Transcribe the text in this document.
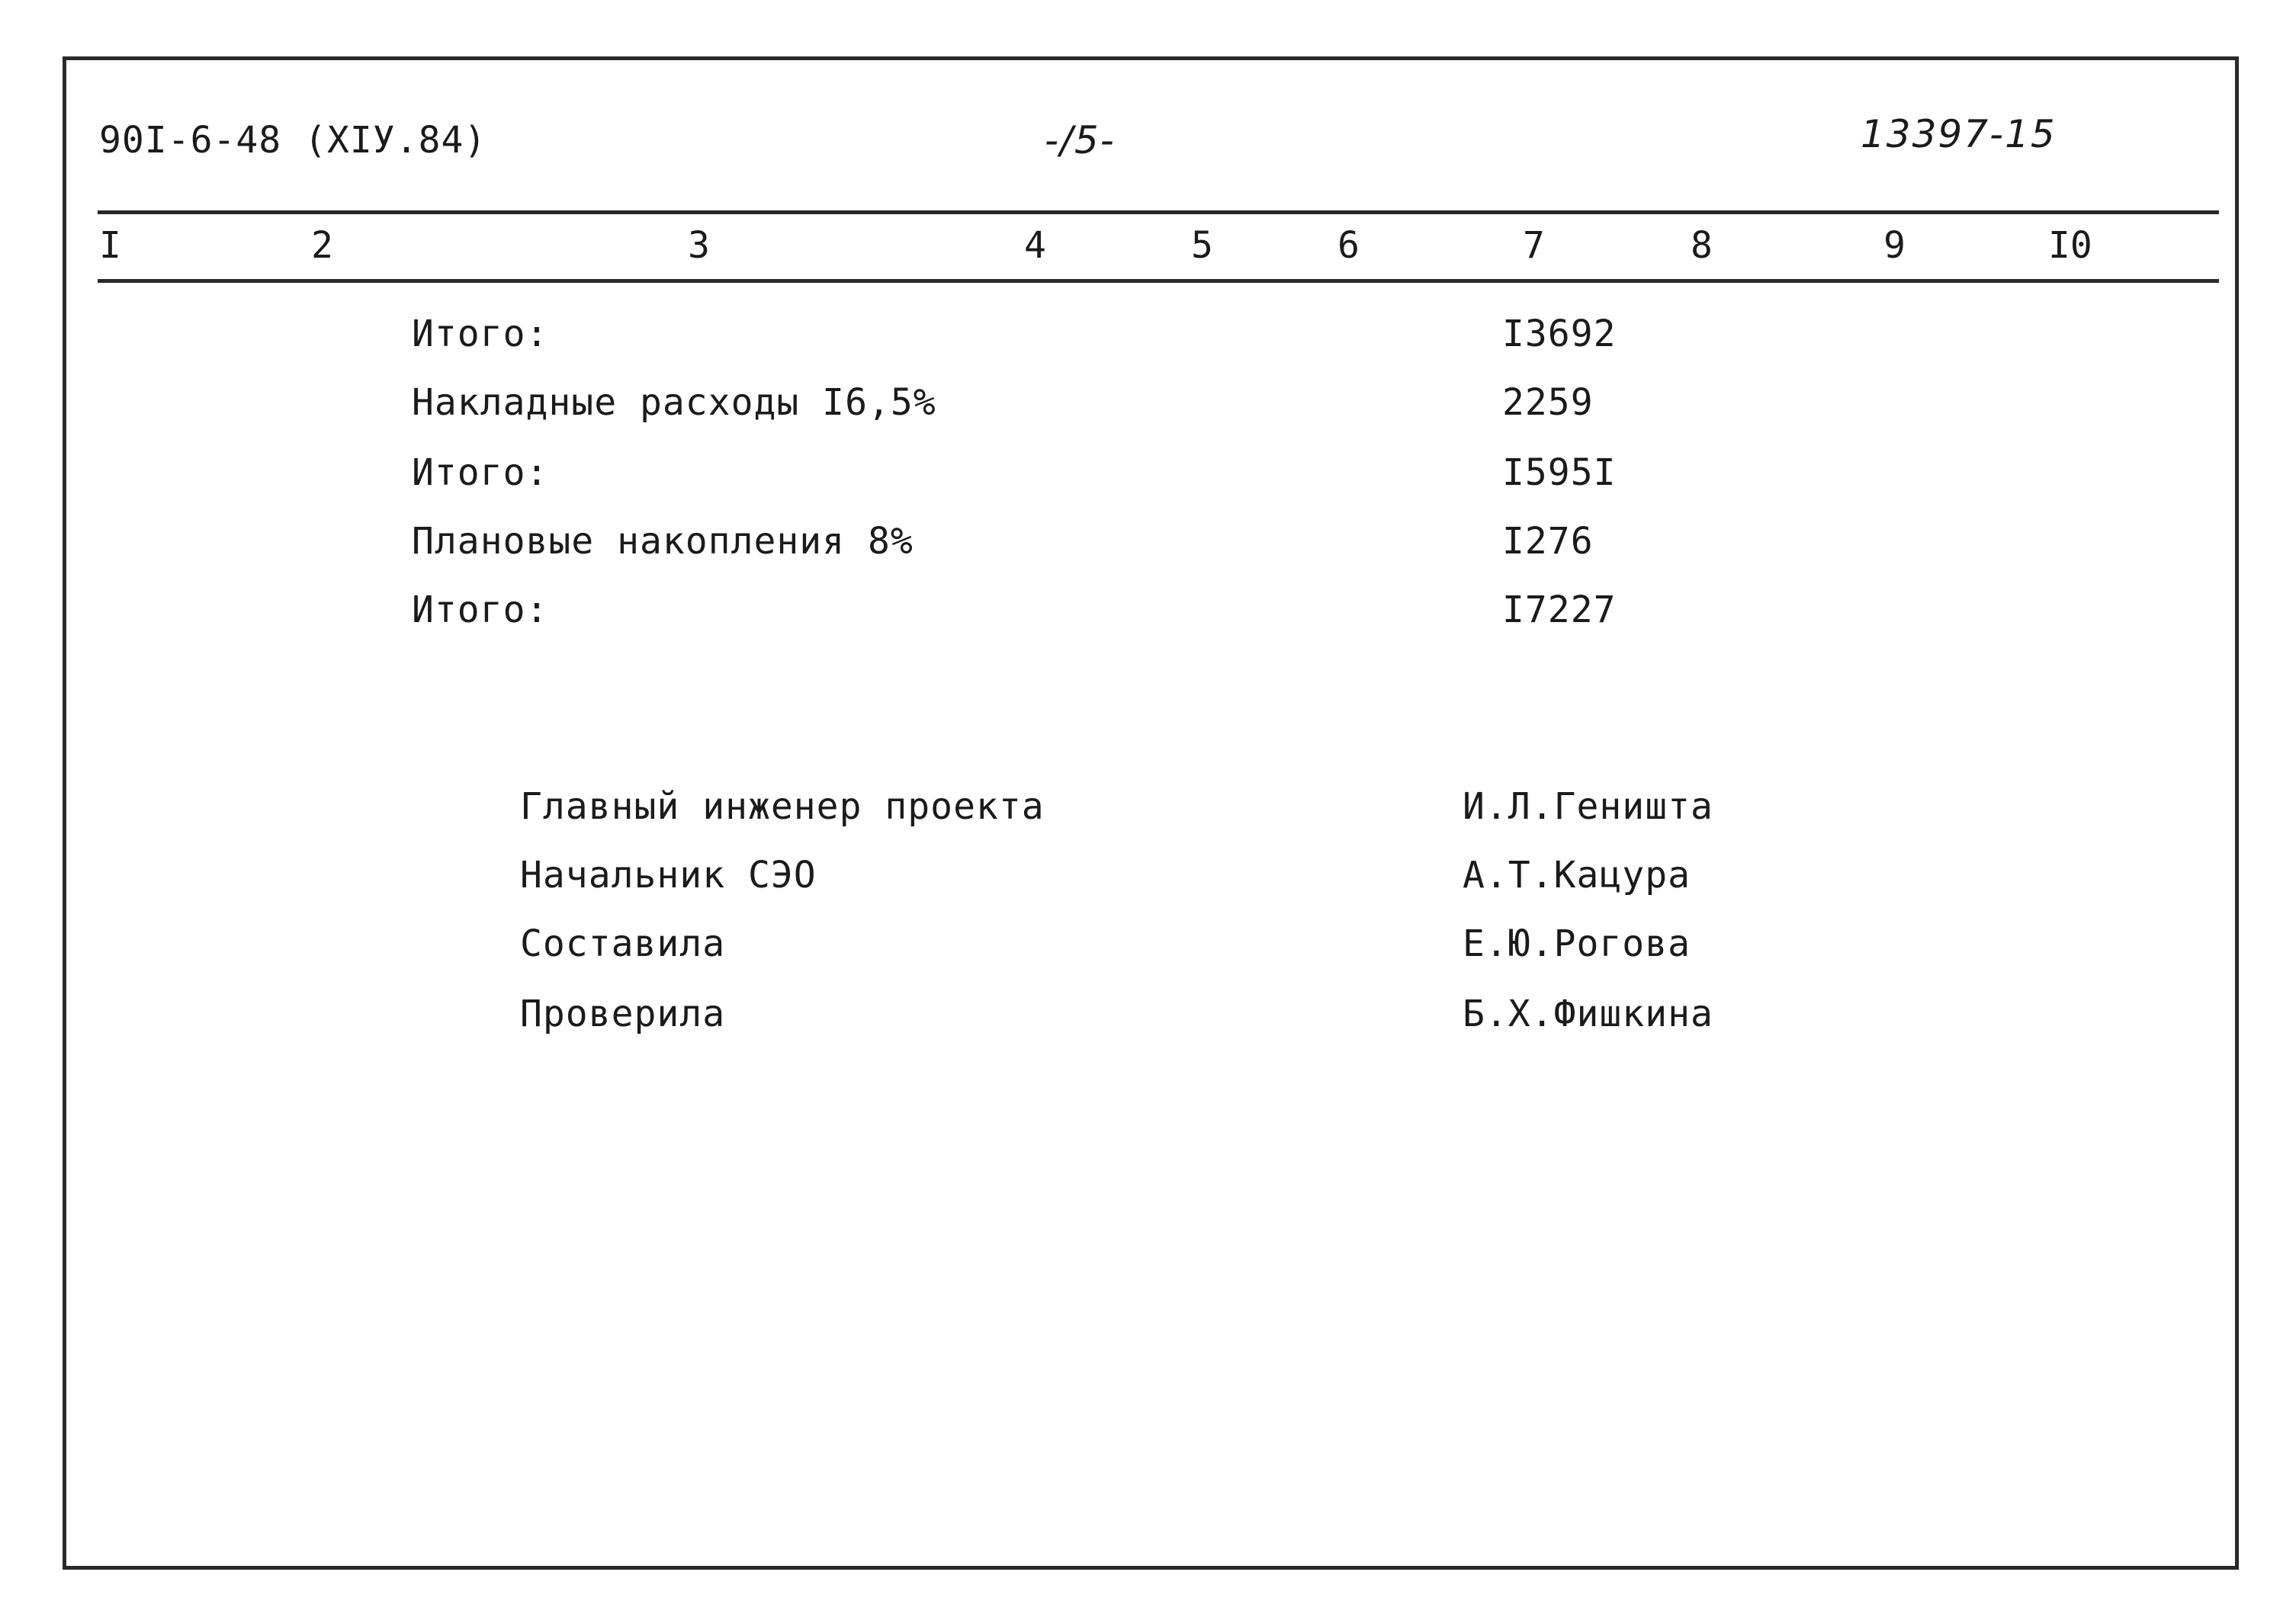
90I-6-48 (XIУ.84)	-/5-	13397-15
I	2	3	4	5	6	7	8	9	I0
Итого:	I3692
Накладные расходы I6,5%	2259
Итого:	I595I
Плановые накопления 8%	I276
Итого:	I7227
Главный инженер проекта	И.Л.Геништа
Начальник СЭО	А.Т.Кацура
Составила	Е.Ю.Рогова
Проверила	Б.Х.Фишкина
